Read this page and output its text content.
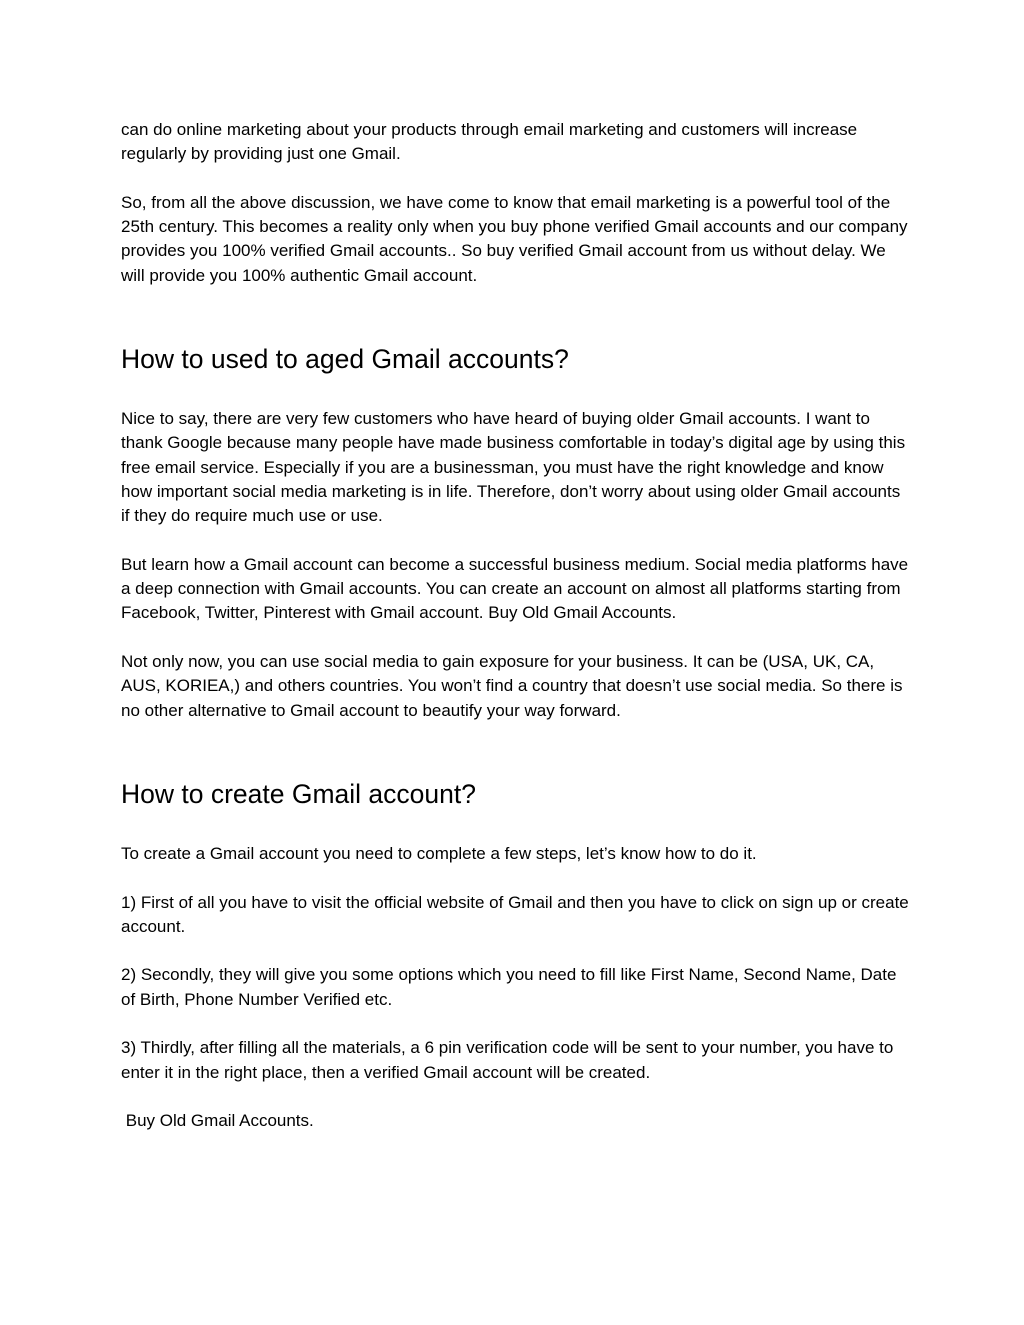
can do online marketing about your products through email marketing and customers will increase regularly by providing just one Gmail.

So, from all the above discussion, we have come to know that email marketing is a powerful tool of the 25th century. This becomes a reality only when you buy phone verified Gmail accounts and our company provides you 100% verified Gmail accounts.. So buy verified Gmail account from us without delay. We will provide you 100% authentic Gmail account.

How to used to aged Gmail accounts?

Nice to say, there are very few customers who have heard of buying older Gmail accounts. I want to thank Google because many people have made business comfortable in today’s digital age by using this free email service. Especially if you are a businessman, you must have the right knowledge and know how important social media marketing is in life. Therefore, don’t worry about using older Gmail accounts if they do require much use or use.

But learn how a Gmail account can become a successful business medium. Social media platforms have a deep connection with Gmail accounts. You can create an account on almost all platforms starting from Facebook, Twitter, Pinterest with Gmail account. Buy Old Gmail Accounts.

Not only now, you can use social media to gain exposure for your business. It can be (USA, UK, CA, AUS, KORIEA,) and others countries. You won’t find a country that doesn’t use social media. So there is no other alternative to Gmail account to beautify your way forward.

How to create Gmail account?

To create a Gmail account you need to complete a few steps, let’s know how to do it.

1) First of all you have to visit the official website of Gmail and then you have to click on sign up or create account.

2) Secondly, they will give you some options which you need to fill like First Name, Second Name, Date of Birth, Phone Number Verified etc.

3) Thirdly, after filling all the materials, a 6 pin verification code will be sent to your number, you have to enter it in the right place, then a verified Gmail account will be created.

Buy Old Gmail Accounts.
